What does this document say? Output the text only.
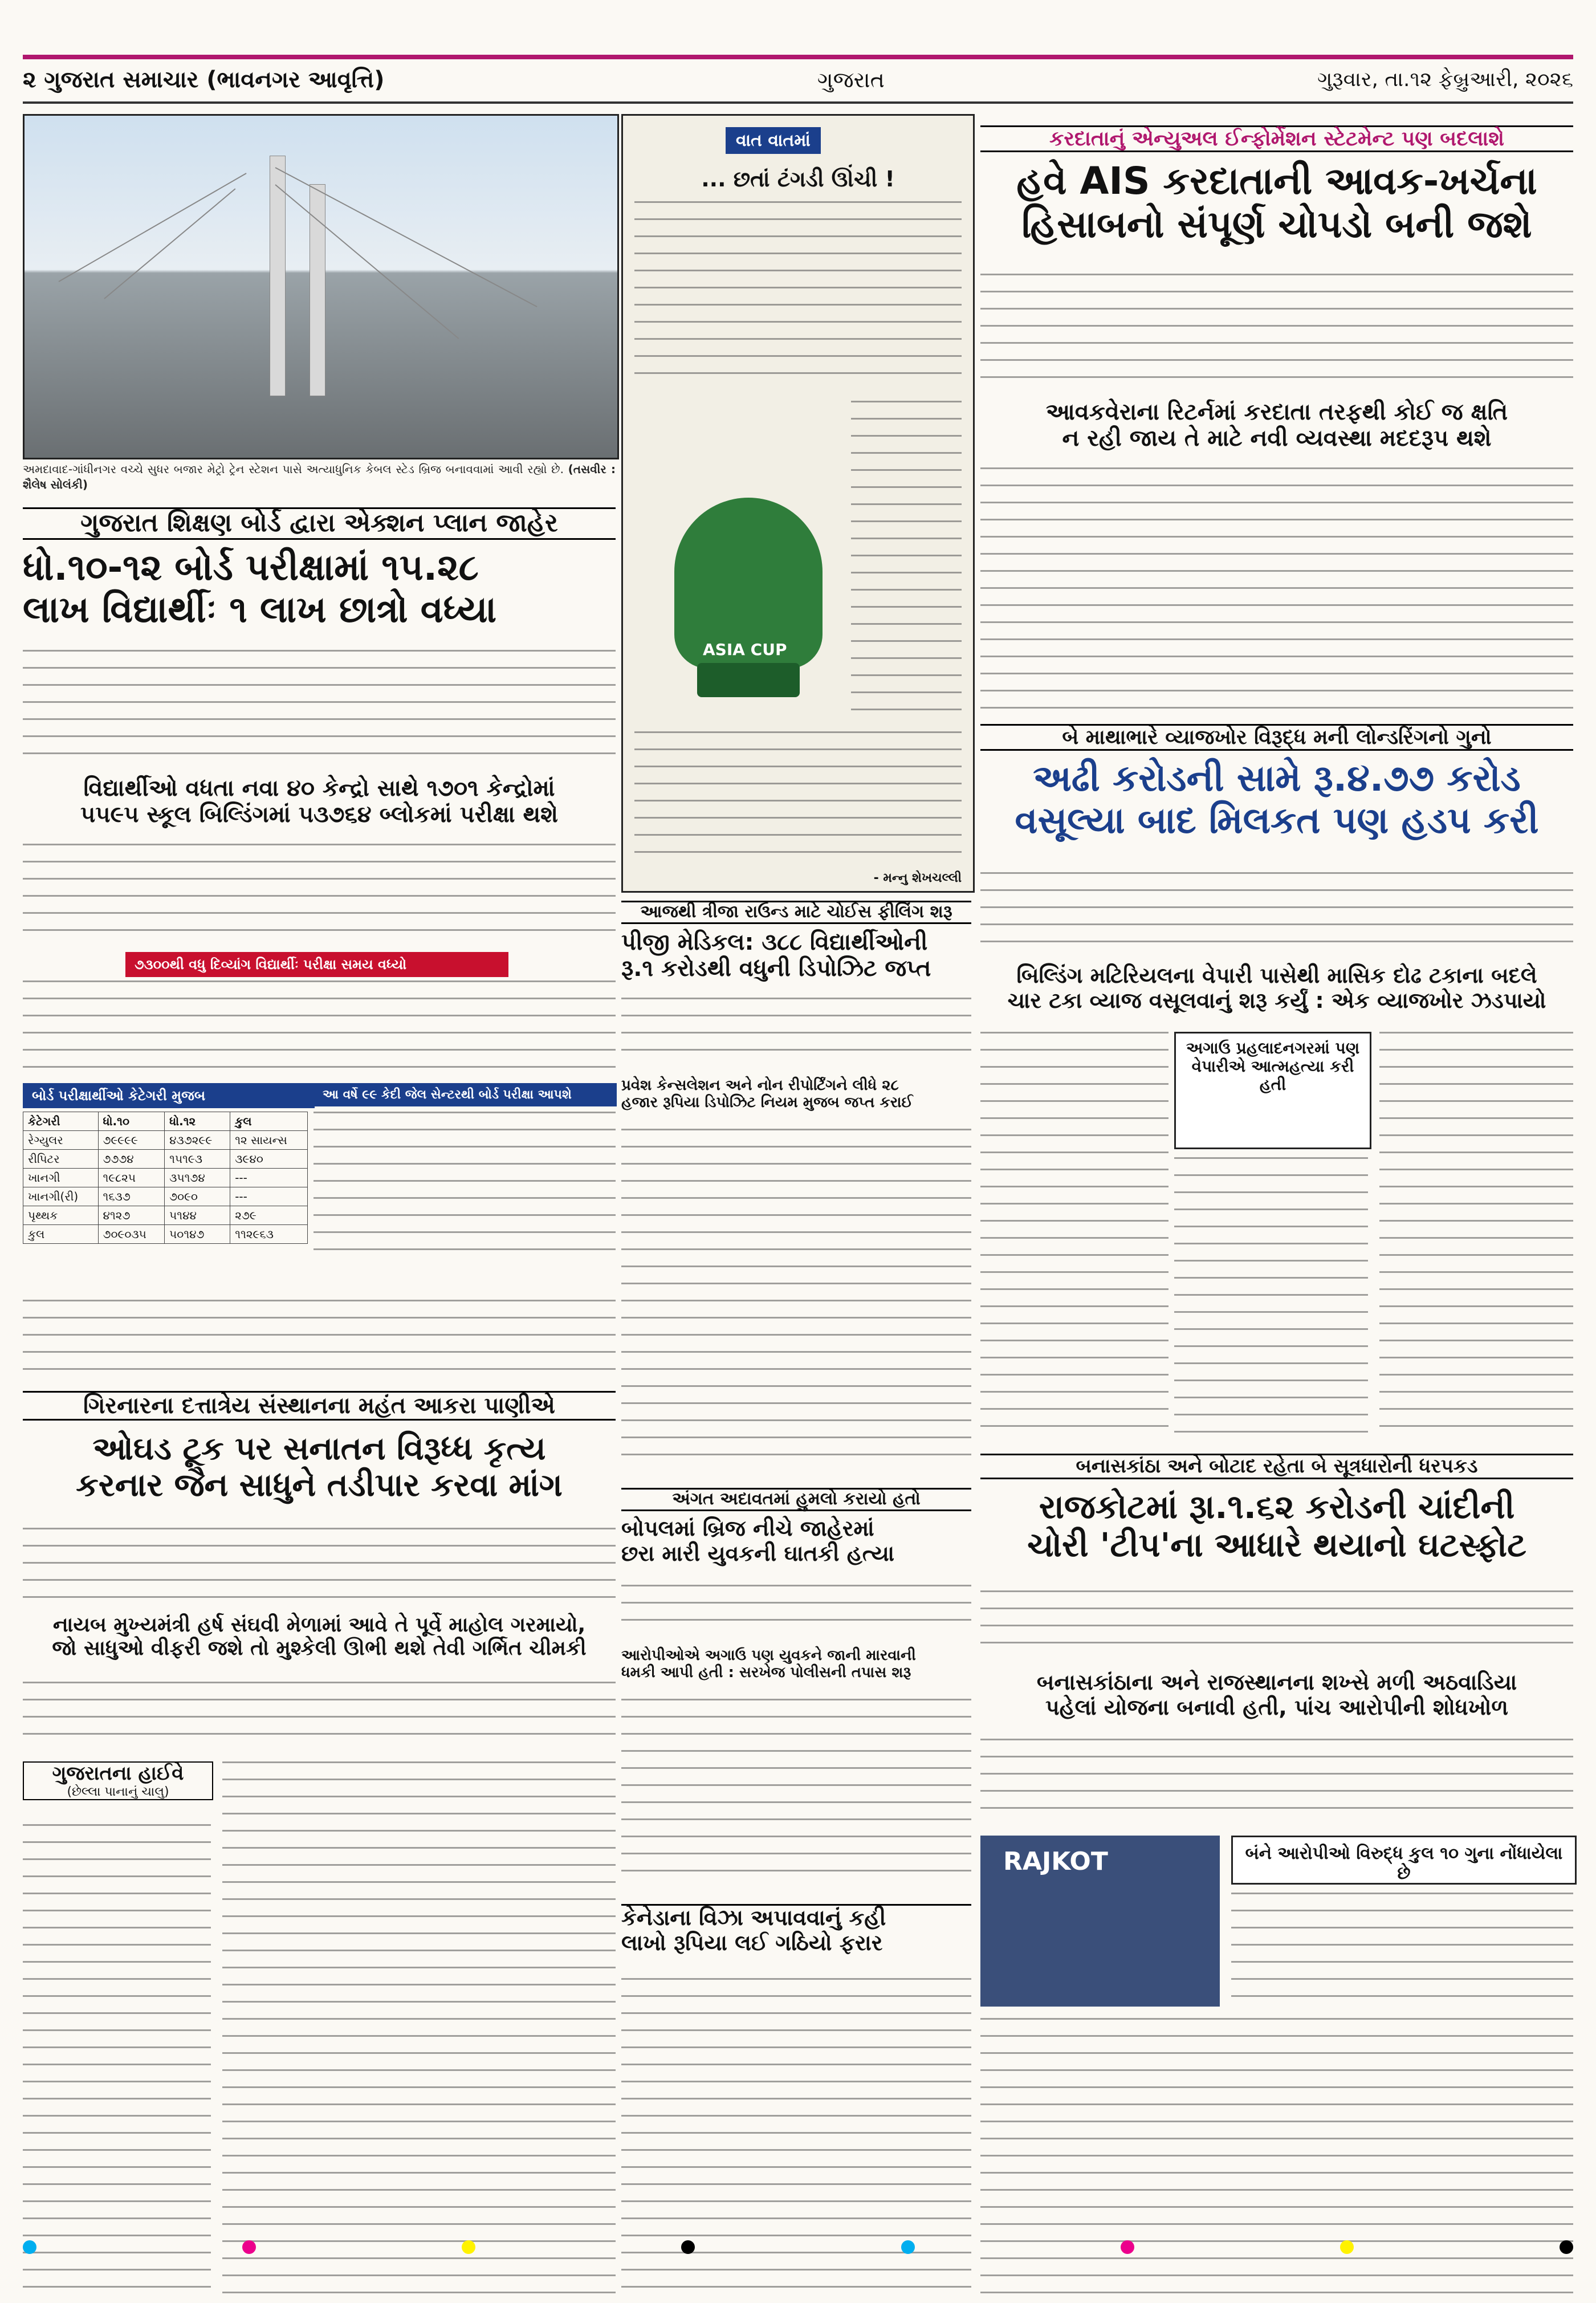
૨ ગુજરાત સમાચાર (ભાવનગર આવૃત્તિ)	ગુજરાત	ગુરૂવાર, તા.૧૨ ફેબ્રુઆરી, ૨૦૨૬
અમદાવાદ-ગાંધીનગર વચ્ચે સુધર બજાર મેટ્રો ટ્રેન સ્ટેશન પાસે અત્યાધુનિક કેબલ સ્ટેડ બ્રિજ બનાવવામાં આવી રહ્યો છે. (તસવીર : શૈલેષ સોલંકી)
ગુજરાત શિક્ષણ બોર્ડ દ્વારા એક્શન પ્લાન જાહેર
ધો.૧૦-૧૨ બોર્ડ પરીક્ષામાં ૧૫.૨૮
લાખ વિદ્યાર્થીઃ ૧ લાખ છાત્રો વધ્યા
વિદ્યાર્થીઓ વધતા નવા ૪૦ કેન્દ્રો સાથે ૧૭૦૧ કેન્દ્રોમાં
૫૫૯૫ સ્કૂલ બિલ્ડિંગમાં ૫૩૭૬૪ બ્લોકમાં પરીક્ષા થશે
૭૩૦૦થી વધુ દિવ્યાંગ વિદ્યાર્થીઃ પરીક્ષા સમય વધ્યો
બોર્ડ પરીક્ષાર્થીઓ કેટેગરી મુજબ	આ વર્ષે ૯૯ કેદી જેલ સેન્ટરથી બોર્ડ પરીક્ષા આપશે
કેટેગરી	ધો.૧૦	ધો.૧૨	કુલ
રેગ્યુલર	૭૯૯૯૯	૪૩૭૨૯૯	૧૨ સાયન્સ
રીપિટર	૭૭૭૪	૧૫૧૯૩	૩૯૪૦
ખાનગી	૧૯૮૨૫	૩૫૧૭૪	---
ખાનગી(રી)	૧૬૩૭	૭૦૯૦	---
પૃથ્થક	૪૧૨૭	૫૧૪૪	૨૭૯
કુલ	૭૦૯૦૩૫	૫૦૧૪૭	૧૧૨૯૬૩
ગિરનારના દત્તાત્રેય સંસ્થાનના મહંત આકરા પાણીએ
ઓઘડ ટૂક પર સનાતન વિરૂધ્ધ કૃત્ય
કરનાર જૈન સાધુને તડીપાર કરવા માંગ
નાયબ મુખ્યમંત્રી હર્ષ સંઘવી મેળામાં આવે તે પૂર્વે માહોલ ગરમાયો,
જો સાધુઓ વીફરી જશે તો મુશ્કેલી ઊભી થશે તેવી ગર્ભિત ચીમકી
ગુજરાતના હાઈવે
(છેલ્લા પાનાનું ચાલુ)
વાત વાતમાં
... છતાં ટંગડી ઊંચી !
ASIA CUP
- મન્નુ શેખચલ્લી
આજથી ત્રીજા રાઉન્ડ માટે ચોઈસ ફીલિંગ શરૂ
પીજી મેડિકલ: ૩૮૮ વિદ્યાર્થીઓની
રૂ.૧ કરોડથી વધુની ડિપોઝિટ જપ્ત
પ્રવેશ કેન્સલેશન અને નોન રીપોર્ટિંગને લીધે ૨૮
હજાર રૂપિયા ડિપોઝિટ નિયમ મુજબ જપ્ત કરાઈ
અંગત અદાવતમાં હુમલો કરાયો હતો
બોપલમાં બ્રિજ નીચે જાહેરમાં
છરા મારી યુવકની ઘાતકી હત્યા
આરોપીઓએ અગાઉ પણ યુવકને જાની મારવાની
ધમકી આપી હતી : સરખેજ પોલીસની તપાસ શરૂ
કેનેડાના વિઝા અપાવવાનું કહી
લાખો રૂપિયા લઈ ગઠિયો ફરાર
કરદાતાનું એન્યુઅલ ઈન્ફોર્મેશન સ્ટેટમેન્ટ પણ બદલાશે
હવે AIS કરદાતાની આવક-ખર્ચના
હિસાબનો સંપૂર્ણ ચોપડો બની જશે
આવકવેરાના રિટર્નમાં કરદાતા તરફથી કોઈ જ ક્ષતિ
ન રહી જાય તે માટે નવી વ્યવસ્થા મદદરૂપ થશે
બે માથાભારે વ્યાજખોર વિરૂદ્ધ મની લોન્ડરિંગનો ગુનો
અઢી કરોડની સામે રૂ.૪.૭૭ કરોડ
વસૂલ્યા બાદ મિલકત પણ હડપ કરી
બિલ્ડિંગ મટિરિયલના વેપારી પાસેથી માસિક દોઢ ટકાના બદલે
ચાર ટકા વ્યાજ વસૂલવાનું શરૂ કર્યું : એક વ્યાજખોર ઝડપાયો
અગાઉ પ્રહલાદનગરમાં પણ વેપારીએ આત્મહત્યા કરી હતી
બનાસકાંઠા અને બોટાદ રહેતા બે સૂત્રધારોની ધરપકડ
રાજકોટમાં રૂા.૧.૬૨ કરોડની ચાંદીની
ચોરી 'ટીપ'ના આધારે થયાનો ઘટસ્ફોટ
બનાસકાંઠાના અને રાજસ્થાનના શખ્સે મળી અઠવાડિયા
પહેલાં યોજના બનાવી હતી, પાંચ આરોપીની શોધખોળ
RAJKOT	બંને આરોપીઓ વિરુદ્ધ કુલ ૧૦ ગુના નોંધાયેલા છે
